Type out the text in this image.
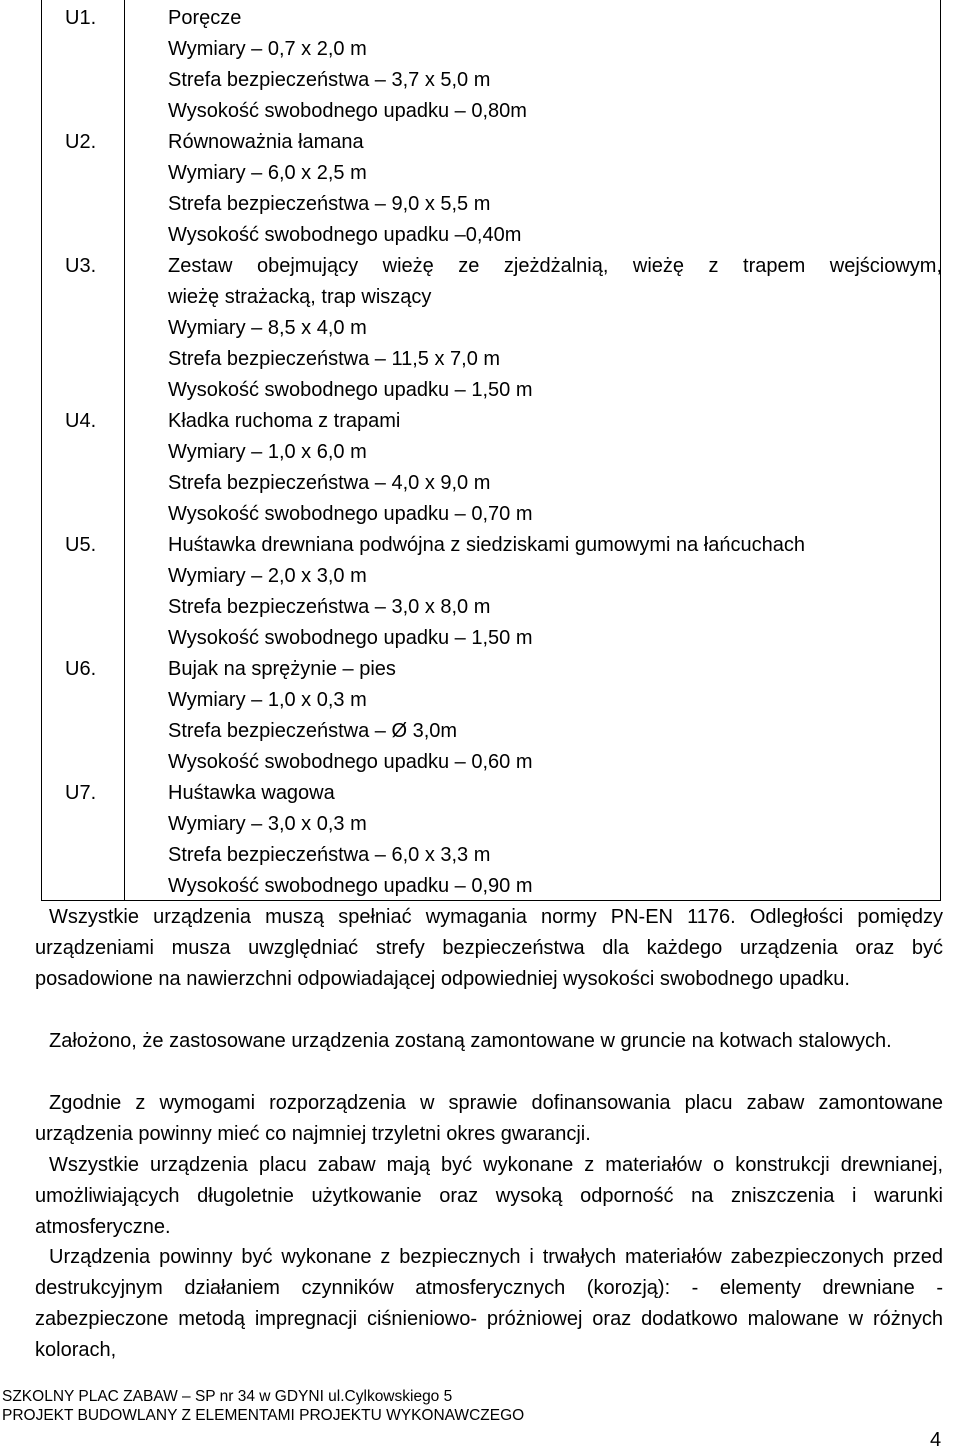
U1.	Poręcze
Wymiary – 0,7 x 2,0 m
Strefa bezpieczeństwa – 3,7 x 5,0 m
Wysokość swobodnego upadku – 0,80m
U2.	Równoważnia łamana
Wymiary – 6,0 x 2,5 m
Strefa bezpieczeństwa – 9,0 x 5,5 m
Wysokość swobodnego upadku –0,40m
U3.	Zestaw obejmujący wieżę ze zjeżdżalnią, wieżę z trapem wejściowym,
wieżę strażacką, trap wiszący
Wymiary – 8,5 x 4,0 m
Strefa bezpieczeństwa – 11,5 x 7,0 m
Wysokość swobodnego upadku – 1,50 m
U4.	Kładka ruchoma z trapami
Wymiary – 1,0 x 6,0 m
Strefa bezpieczeństwa – 4,0 x 9,0 m
Wysokość swobodnego upadku – 0,70 m
U5.	Huśtawka drewniana podwójna z siedziskami gumowymi na łańcuchach
Wymiary – 2,0 x 3,0 m
Strefa bezpieczeństwa – 3,0 x 8,0 m
Wysokość swobodnego upadku – 1,50 m
U6.	Bujak na sprężynie – pies
Wymiary – 1,0 x 0,3 m
Strefa bezpieczeństwa – Ø 3,0m
Wysokość swobodnego upadku – 0,60 m
U7.	Huśtawka wagowa
Wymiary – 3,0 x 0,3 m
Strefa bezpieczeństwa – 6,0 x 3,3 m
Wysokość swobodnego upadku – 0,90 m
Wszystkie urządzenia muszą spełniać wymagania normy PN-EN 1176. Odległości pomiędzy urządzeniami musza uwzględniać strefy bezpieczeństwa dla każdego urządzenia oraz być posadowione na nawierzchni odpowiadającej odpowiedniej wysokości swobodnego upadku.
Założono, że zastosowane urządzenia zostaną zamontowane w gruncie na kotwach stalowych.
Zgodnie z wymogami rozporządzenia w sprawie dofinansowania placu zabaw zamontowane urządzenia powinny mieć co najmniej trzyletni okres gwarancji.
Wszystkie urządzenia placu zabaw mają być wykonane z materiałów o konstrukcji drewnianej, umożliwiających długoletnie użytkowanie oraz wysoką odporność na zniszczenia i warunki atmosferyczne.
Urządzenia powinny być wykonane z bezpiecznych i trwałych materiałów zabezpieczonych przed destrukcyjnym działaniem czynników atmosferycznych (korozją): - elementy drewniane - zabezpieczone metodą impregnacji ciśnieniowo- próżniowej oraz dodatkowo malowane w różnych kolorach,
SZKOLNY PLAC ZABAW – SP nr 34 w GDYNI ul.Cylkowskiego 5
PROJEKT BUDOWLANY Z ELEMENTAMI PROJEKTU WYKONAWCZEGO
4
